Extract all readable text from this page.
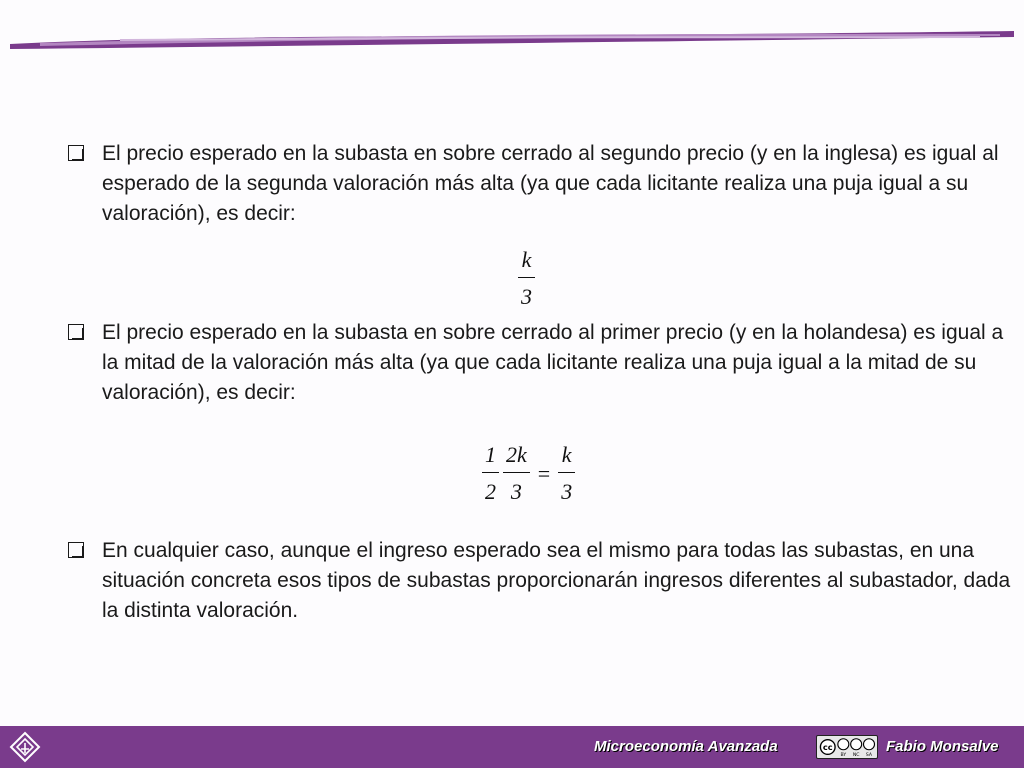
El precio esperado en la subasta en sobre cerrado al segundo precio (y en la inglesa) es igual al esperado de la segunda valoración más alta (ya que cada licitante realiza una puja igual a su valoración), es decir:
$\frac{k}{3}$
El precio esperado en la subasta en sobre cerrado al primer precio (y en la holandesa) es igual a la mitad de la valoración más alta (ya que cada licitante realiza una puja igual a la mitad de su valoración), es decir:
$\frac{1}{2} \frac{2k}{3} = \frac{k}{3}$
En cualquier caso, aunque el ingreso esperado sea el mismo para todas las subastas, en una situación concreta esos tipos de subastas proporcionarán ingresos diferentes al subastador, dada la distinta valoración.
Microeconomía Avanzada	cc
BY NC SA
Fabio Monsalve
